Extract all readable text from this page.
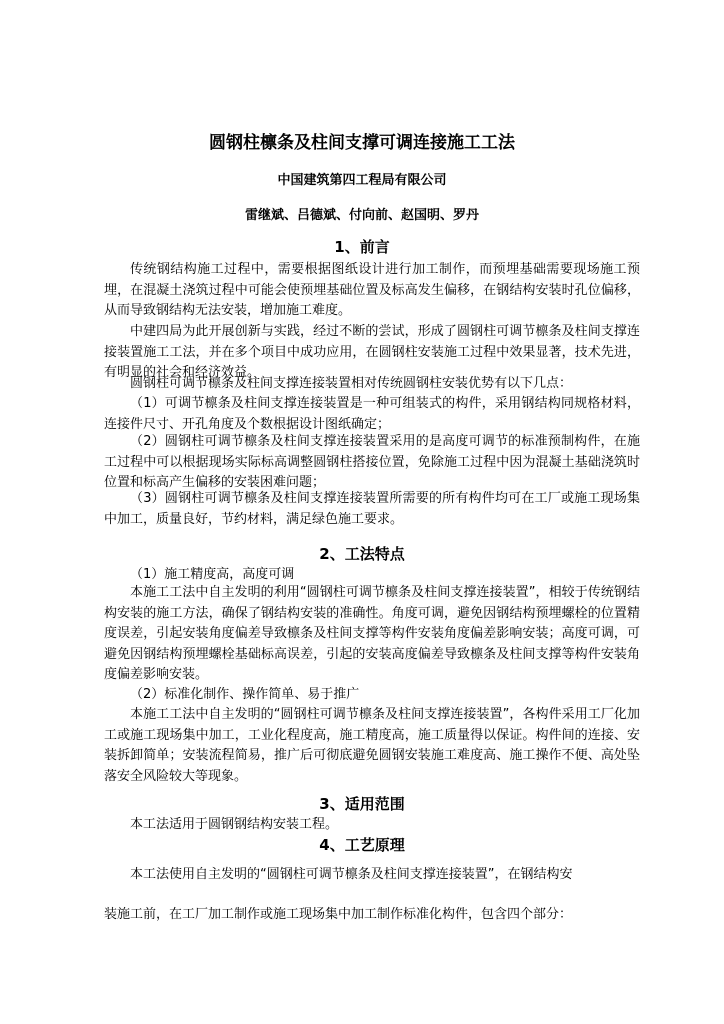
圆钢柱檩条及柱间支撑可调连接施工工法
中国建筑第四工程局有限公司
雷继斌、吕德斌、付向前、赵国明、罗丹
1、前言
传统钢结构施工过程中，需要根据图纸设计进行加工制作，而预埋基础需要现场施工预埋，在混凝土浇筑过程中可能会使预埋基础位置及标高发生偏移，在钢结构安装时孔位偏移，从而导致钢结构无法安装，增加施工难度。
中建四局为此开展创新与实践，经过不断的尝试，形成了圆钢柱可调节檩条及柱间支撑连接装置施工工法，并在多个项目中成功应用，在圆钢柱安装施工过程中效果显著，技术先进，有明显的社会和经济效益。
圆钢柱可调节檩条及柱间支撑连接装置相对传统圆钢柱安装优势有以下几点：
（1）可调节檩条及柱间支撑连接装置是一种可组装式的构件，采用钢结构同规格材料，连接件尺寸、开孔角度及个数根据设计图纸确定；
（2）圆钢柱可调节檩条及柱间支撑连接装置采用的是高度可调节的标准预制构件，在施工过程中可以根据现场实际标高调整圆钢柱搭接位置，免除施工过程中因为混凝土基础浇筑时位置和标高产生偏移的安装困难问题；
（3）圆钢柱可调节檩条及柱间支撑连接装置所需要的所有构件均可在工厂或施工现场集中加工，质量良好，节约材料，满足绿色施工要求。
2、工法特点
（1）施工精度高，高度可调
本施工工法中自主发明的利用“圆钢柱可调节檩条及柱间支撑连接装置”，相较于传统钢结构安装的施工方法，确保了钢结构安装的准确性。角度可调，避免因钢结构预埋螺栓的位置精度误差，引起安装角度偏差导致檩条及柱间支撑等构件安装角度偏差影响安装；高度可调，可避免因钢结构预埋螺栓基础标高误差，引起的安装高度偏差导致檩条及柱间支撑等构件安装角度偏差影响安装。
（2）标准化制作、操作简单、易于推广
本施工工法中自主发明的“圆钢柱可调节檩条及柱间支撑连接装置”，各构件采用工厂化加工或施工现场集中加工，工业化程度高，施工精度高，施工质量得以保证。构件间的连接、安装拆卸简单；安装流程简易，推广后可彻底避免圆钢安装施工难度高、施工操作不便、高处坠落安全风险较大等现象。
3、适用范围
本工法适用于圆钢钢结构安装工程。
4、工艺原理
本工法使用自主发明的“圆钢柱可调节檩条及柱间支撑连接装置”，在钢结构安
装施工前，在工厂加工制作或施工现场集中加工制作标准化构件，包含四个部分：
